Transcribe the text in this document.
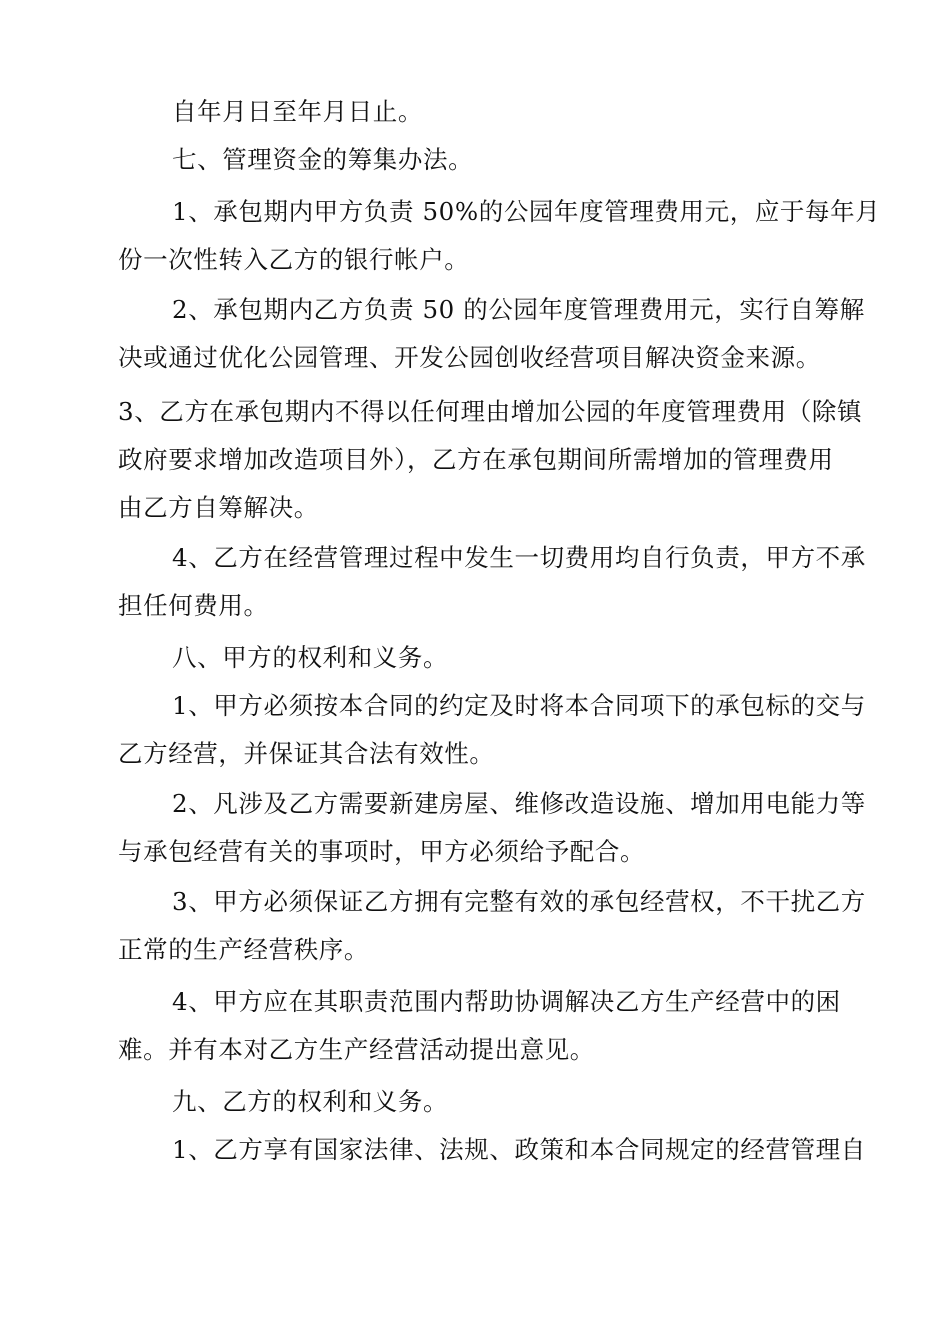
自年月日至年月日止。
七、管理资金的筹集办法。
1、承包期内甲方负责 50%的公园年度管理费用元，应于每年月
份一次性转入乙方的银行帐户。
2、承包期内乙方负责 50 的公园年度管理费用元，实行自筹解
决或通过优化公园管理、开发公园创收经营项目解决资金来源。
3、乙方在承包期内不得以任何理由增加公园的年度管理费用（除镇
政府要求增加改造项目外），乙方在承包期间所需增加的管理费用
由乙方自筹解决。
4、乙方在经营管理过程中发生一切费用均自行负责，甲方不承
担任何费用。
八、甲方的权利和义务。
1、甲方必须按本合同的约定及时将本合同项下的承包标的交与
乙方经营，并保证其合法有效性。
2、凡涉及乙方需要新建房屋、维修改造设施、增加用电能力等
与承包经营有关的事项时，甲方必须给予配合。
3、甲方必须保证乙方拥有完整有效的承包经营权，不干扰乙方
正常的生产经营秩序。
4、甲方应在其职责范围内帮助协调解决乙方生产经营中的困
难。并有本对乙方生产经营活动提出意见。
九、乙方的权利和义务。
1、乙方享有国家法律、法规、政策和本合同规定的经营管理自
